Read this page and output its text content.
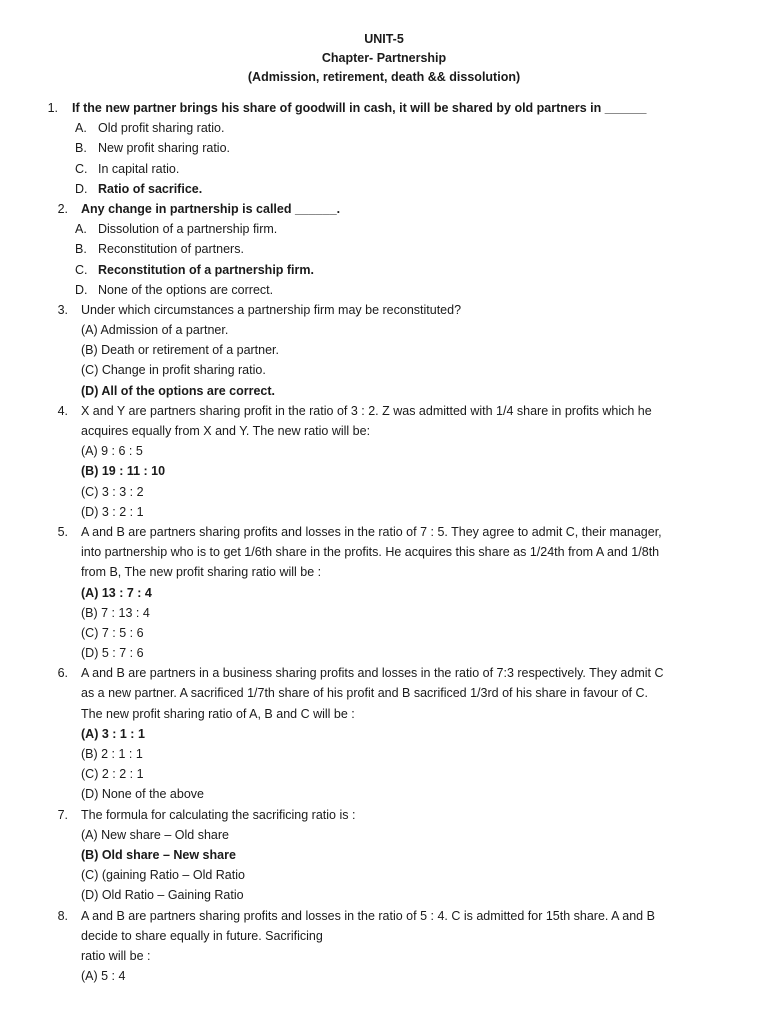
UNIT-5
Chapter- Partnership
(Admission, retirement, death && dissolution)
1. If the new partner brings his share of goodwill in cash, it will be shared by old partners in ______
A. Old profit sharing ratio.
B. New profit sharing ratio.
C. In capital ratio.
D. Ratio of sacrifice.
2. Any change in partnership is called ______.
A. Dissolution of a partnership firm.
B. Reconstitution of partners.
C. Reconstitution of a partnership firm.
D. None of the options are correct.
3. Under which circumstances a partnership firm may be reconstituted?
(A) Admission of a partner.
(B) Death or retirement of a partner.
(C) Change in profit sharing ratio.
(D) All of the options are correct.
4. X and Y are partners sharing profit in the ratio of 3 : 2. Z was admitted with 1/4 share in profits which he
acquires equally from X and Y. The new ratio will be:
(A) 9 : 6 : 5
(B) 19 : 11 : 10
(C) 3 : 3 : 2
(D) 3 : 2 : 1
5. A and B are partners sharing profits and losses in the ratio of 7 : 5. They agree to admit C, their manager,
into partnership who is to get 1/6th share in the profits. He acquires this share as 1/24th from A and 1/8th
from B, The new profit sharing ratio will be :
(A) 13 : 7 : 4
(B) 7 : 13 : 4
(C) 7 : 5 : 6
(D) 5 : 7 : 6
6. A and B are partners in a business sharing profits and losses in the ratio of 7:3 respectively. They admit C
as a new partner. A sacrificed 1/7th share of his profit and B sacrificed 1/3rd of his share in favour of C.
The new profit sharing ratio of A, B and C will be :
(A) 3 : 1 : 1
(B) 2 : 1 : 1
(C) 2 : 2 : 1
(D) None of the above
7. The formula for calculating the sacrificing ratio is :
(A) New share – Old share
(B) Old share – New share
(C) (gaining Ratio – Old Ratio
(D) Old Ratio – Gaining Ratio
8. A and B are partners sharing profits and losses in the ratio of 5 : 4. C is admitted for 15th share. A and B
decide to share equally in future. Sacrificing
ratio will be :
(A) 5 : 4
